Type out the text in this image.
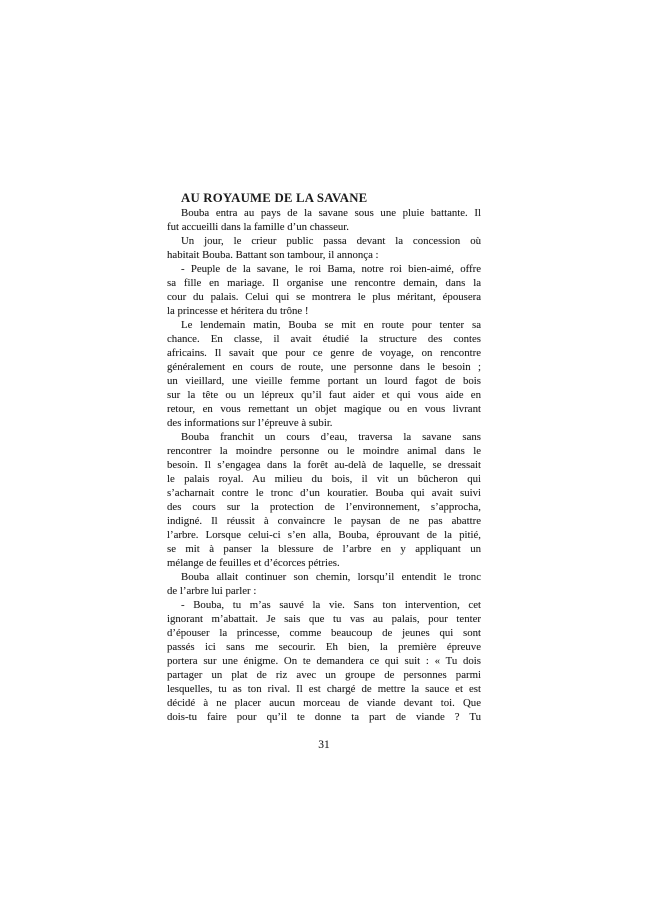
AU ROYAUME DE LA SAVANE
Bouba entra au pays de la savane sous une pluie battante. Il
fut accueilli dans la famille d’un chasseur.
Un jour, le crieur public passa devant la concession où
habitait Bouba. Battant son tambour, il annonça :
- Peuple de la savane, le roi Bama, notre roi bien-aimé, offre
sa fille en mariage. Il organise une rencontre demain, dans la
cour du palais. Celui qui se montrera le plus méritant, épousera
la princesse et héritera du trône !
Le lendemain matin, Bouba se mit en route pour tenter sa
chance. En classe, il avait étudié la structure des contes
africains. Il savait que pour ce genre de voyage, on rencontre
généralement en cours de route, une personne dans le besoin ;
un vieillard, une vieille femme portant un lourd fagot de bois
sur la tête ou un lépreux qu’il faut aider et qui vous aide en
retour, en vous remettant un objet magique ou en vous livrant
des informations sur l’épreuve à subir.
Bouba franchit un cours d’eau, traversa la savane sans
rencontrer la moindre personne ou le moindre animal dans le
besoin. Il s’engagea dans la forêt au-delà de laquelle, se dressait
le palais royal. Au milieu du bois, il vit un bûcheron qui
s’acharnait contre le tronc d’un kouratier. Bouba qui avait suivi
des cours sur la protection de l’environnement, s’approcha,
indigné. Il réussit à convaincre le paysan de ne pas abattre
l’arbre. Lorsque celui-ci s’en alla, Bouba, éprouvant de la pitié,
se mit à panser la blessure de l’arbre en y appliquant un
mélange de feuilles et d’écorces pétries.
Bouba allait continuer son chemin, lorsqu’il entendit le tronc
de l’arbre lui parler :
- Bouba, tu m’as sauvé la vie. Sans ton intervention, cet
ignorant m’abattait. Je sais que tu vas au palais, pour tenter
d’épouser la princesse, comme beaucoup de jeunes qui sont
passés ici sans me secourir. Eh bien, la première épreuve
portera sur une énigme. On te demandera ce qui suit : « Tu dois
partager un plat de riz avec un groupe de personnes parmi
lesquelles, tu as ton rival. Il est chargé de mettre la sauce et est
décidé à ne placer aucun morceau de viande devant toi. Que
dois-tu faire pour qu’il te donne ta part de viande ? Tu
31
